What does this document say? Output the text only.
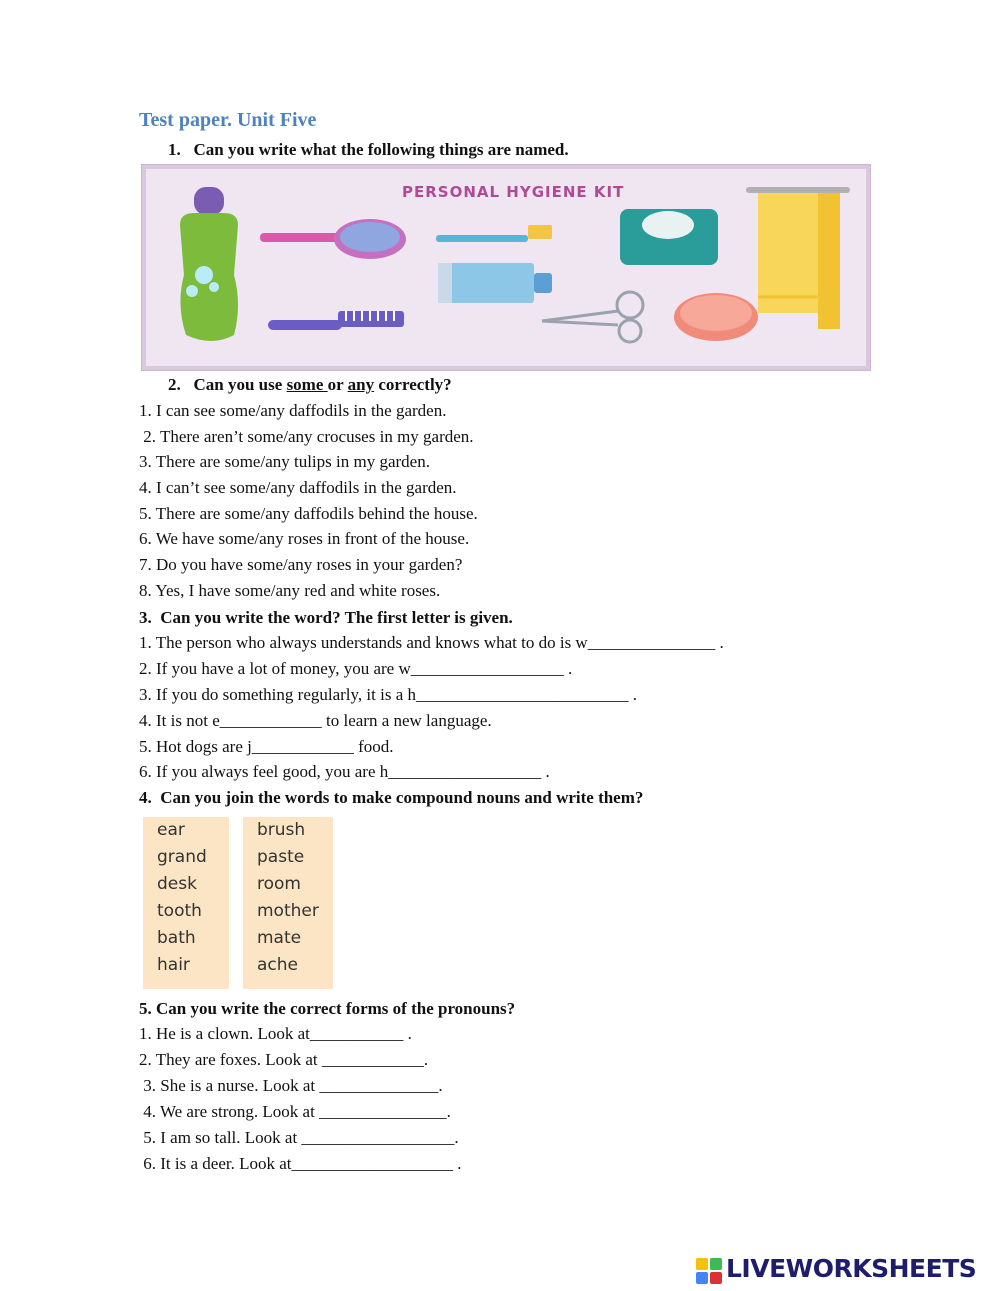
Test paper. Unit Five
1.   Can you write what the following things are named.
PERSONAL HYGIENE KIT
2.   Can you use some or any correctly?
1. I can see some/any daffodils in the garden.
2. There aren’t some/any crocuses in my garden.
3. There are some/any tulips in my garden.
4. I can’t see some/any daffodils in the garden.
5. There are some/any daffodils behind the house.
6. We have some/any roses in front of the house.
7. Do you have some/any roses in your garden?
8. Yes, I have some/any red and white roses.
3.  Can you write the word? The first letter is given.
1. The person who always understands and knows what to do is w_______________ .
2. If you have a lot of money, you are w__________________ .
3. If you do something regularly, it is a h_________________________ .
4. It is not e____________ to learn a new language.
5. Hot dogs are j____________ food.
6. If you always feel good, you are h__________________ .
4.  Can you join the words to make compound nouns and write them?
ear
grand
desk
tooth
bath
hair
brush
paste
room
mother
mate
ache
5. Can you write the correct forms of the pronouns?
1. He is a clown. Look at___________ .
2. They are foxes. Look at ____________.
3. She is a nurse. Look at ______________.
4. We are strong. Look at _______________.
5. I am so tall. Look at __________________.
6. It is a deer. Look at___________________ .
LIVEWORKSHEETS
